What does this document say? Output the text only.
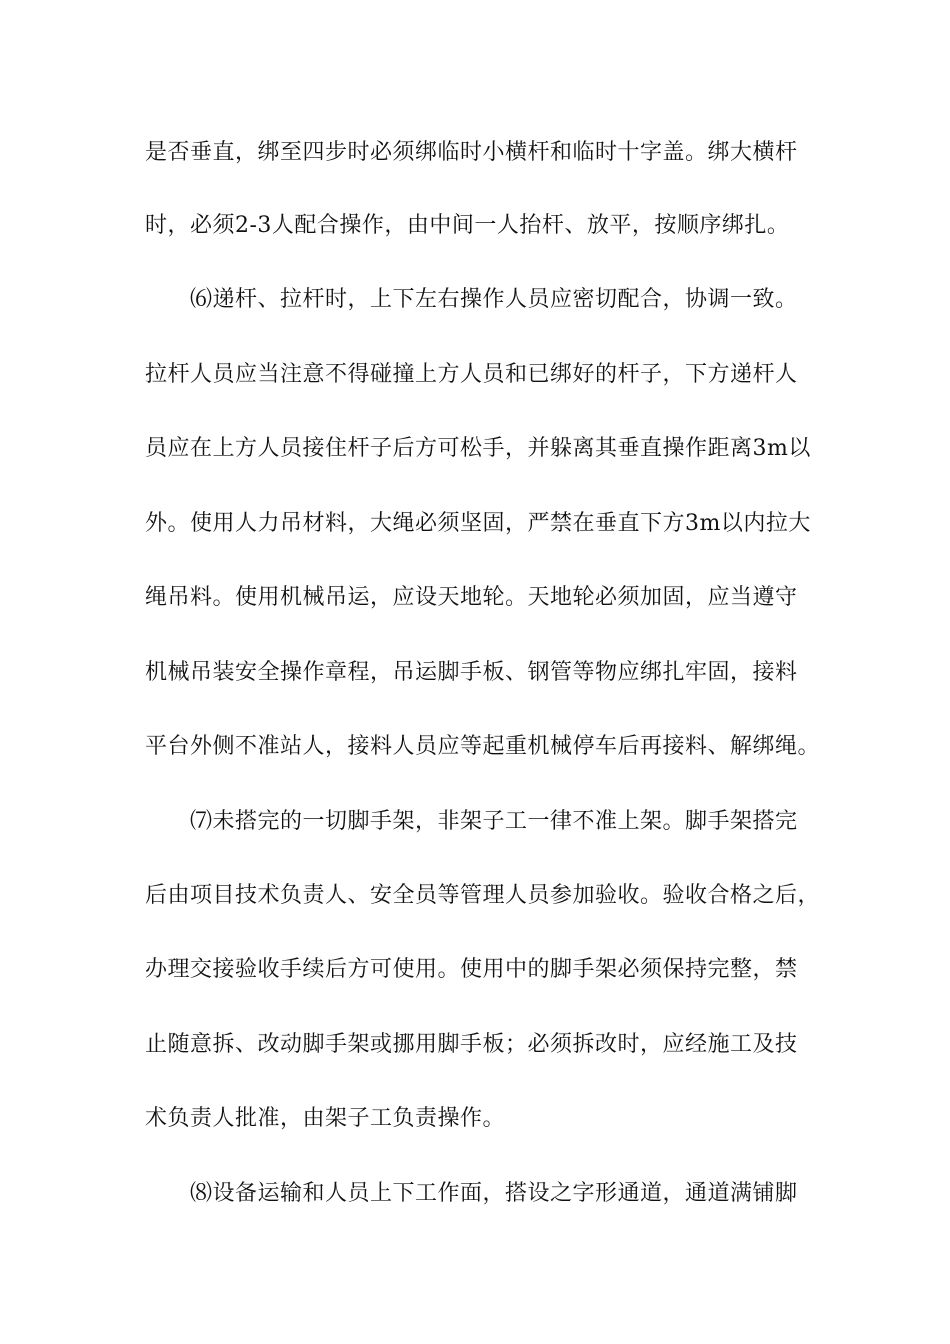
是否垂直，绑至四步时必须绑临时小横杆和临时十字盖。绑大横杆
时，必须2-3人配合操作，由中间一人抬杆、放平，按顺序绑扎。
⑹递杆、拉杆时，上下左右操作人员应密切配合，协调一致。
拉杆人员应当注意不得碰撞上方人员和已绑好的杆子，下方递杆人
员应在上方人员接住杆子后方可松手，并躲离其垂直操作距离3m以
外。使用人力吊材料，大绳必须坚固，严禁在垂直下方3m以内拉大
绳吊料。使用机械吊运，应设天地轮。天地轮必须加固，应当遵守
机械吊装安全操作章程，吊运脚手板、钢管等物应绑扎牢固，接料
平台外侧不准站人，接料人员应等起重机械停车后再接料、解绑绳。
⑺未搭完的一切脚手架，非架子工一律不准上架。脚手架搭完
后由项目技术负责人、安全员等管理人员参加验收。验收合格之后，
办理交接验收手续后方可使用。使用中的脚手架必须保持完整，禁
止随意拆、改动脚手架或挪用脚手板；必须拆改时，应经施工及技
术负责人批准，由架子工负责操作。
⑻设备运输和人员上下工作面，搭设之字形通道，通道满铺脚
